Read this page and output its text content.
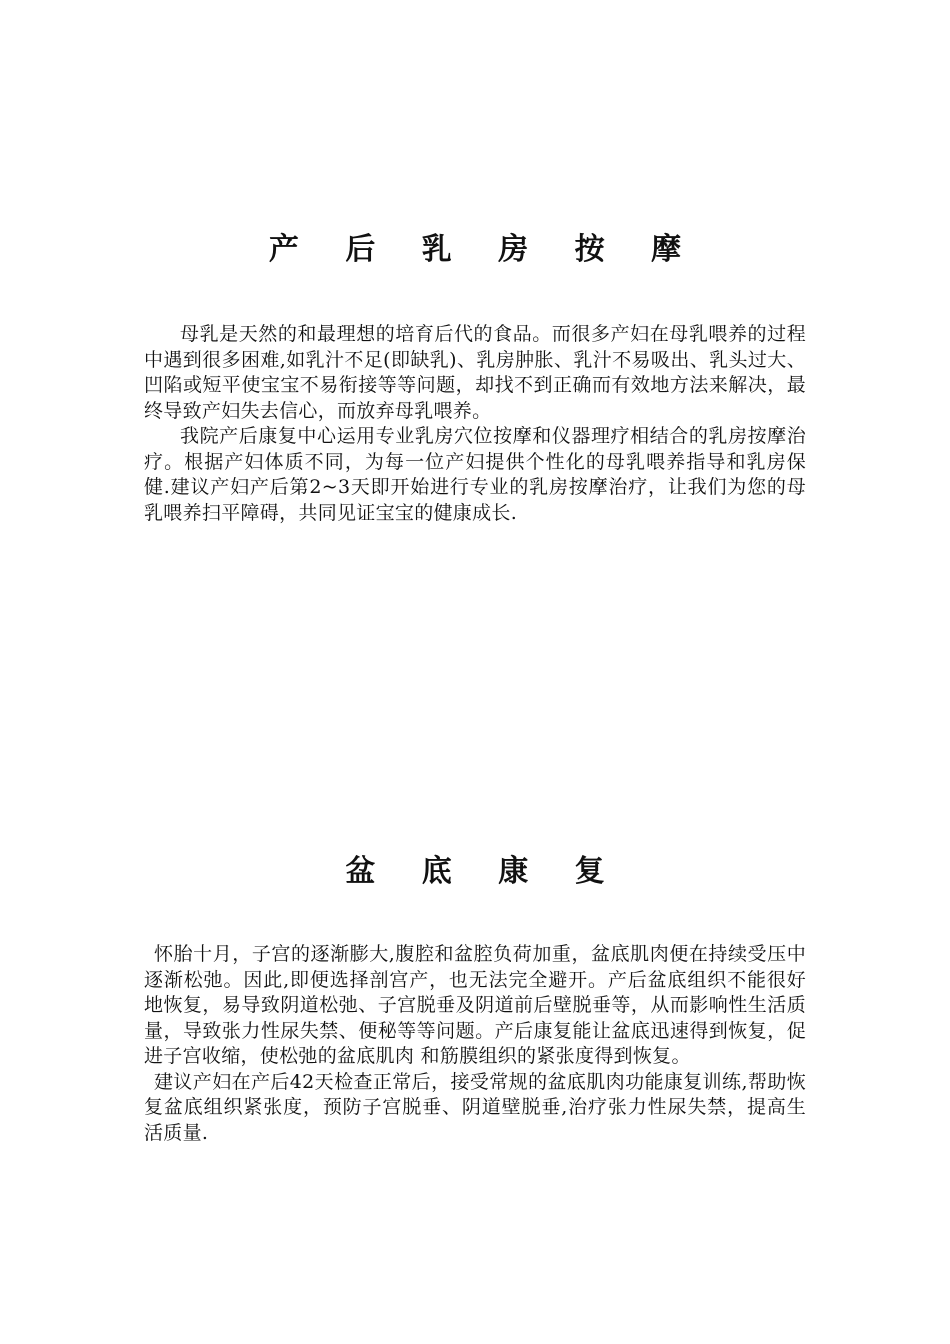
产 后 乳 房 按 摩

母乳是天然的和最理想的培育后代的食品。而很多产妇在母乳喂养的过程中遇到很多困难,如乳汁不足(即缺乳)、乳房肿胀、乳汁不易吸出、乳头过大、凹陷或短平使宝宝不易衔接等等问题，却找不到正确而有效地方法来解决，最终导致产妇失去信心，而放弃母乳喂养。

我院产后康复中心运用专业乳房穴位按摩和仪器理疗相结合的乳房按摩治疗。根据产妇体质不同，为每一位产妇提供个性化的母乳喂养指导和乳房保健.建议产妇产后第2~3天即开始进行专业的乳房按摩治疗，让我们为您的母乳喂养扫平障碍，共同见证宝宝的健康成长.

盆 底 康 复

怀胎十月，子宫的逐渐膨大,腹腔和盆腔负荷加重，盆底肌肉便在持续受压中逐渐松弛。因此,即便选择剖宫产，也无法完全避开。产后盆底组织不能很好地恢复，易导致阴道松弛、子宫脱垂及阴道前后壁脱垂等，从而影响性生活质量，导致张力性尿失禁、便秘等等问题。产后康复能让盆底迅速得到恢复，促进子宫收缩，使松弛的盆底肌肉 和筋膜组织的紧张度得到恢复。

建议产妇在产后42天检查正常后，接受常规的盆底肌肉功能康复训练,帮助恢复盆底组织紧张度，预防子宫脱垂、阴道壁脱垂,治疗张力性尿失禁，提高生活质量.
